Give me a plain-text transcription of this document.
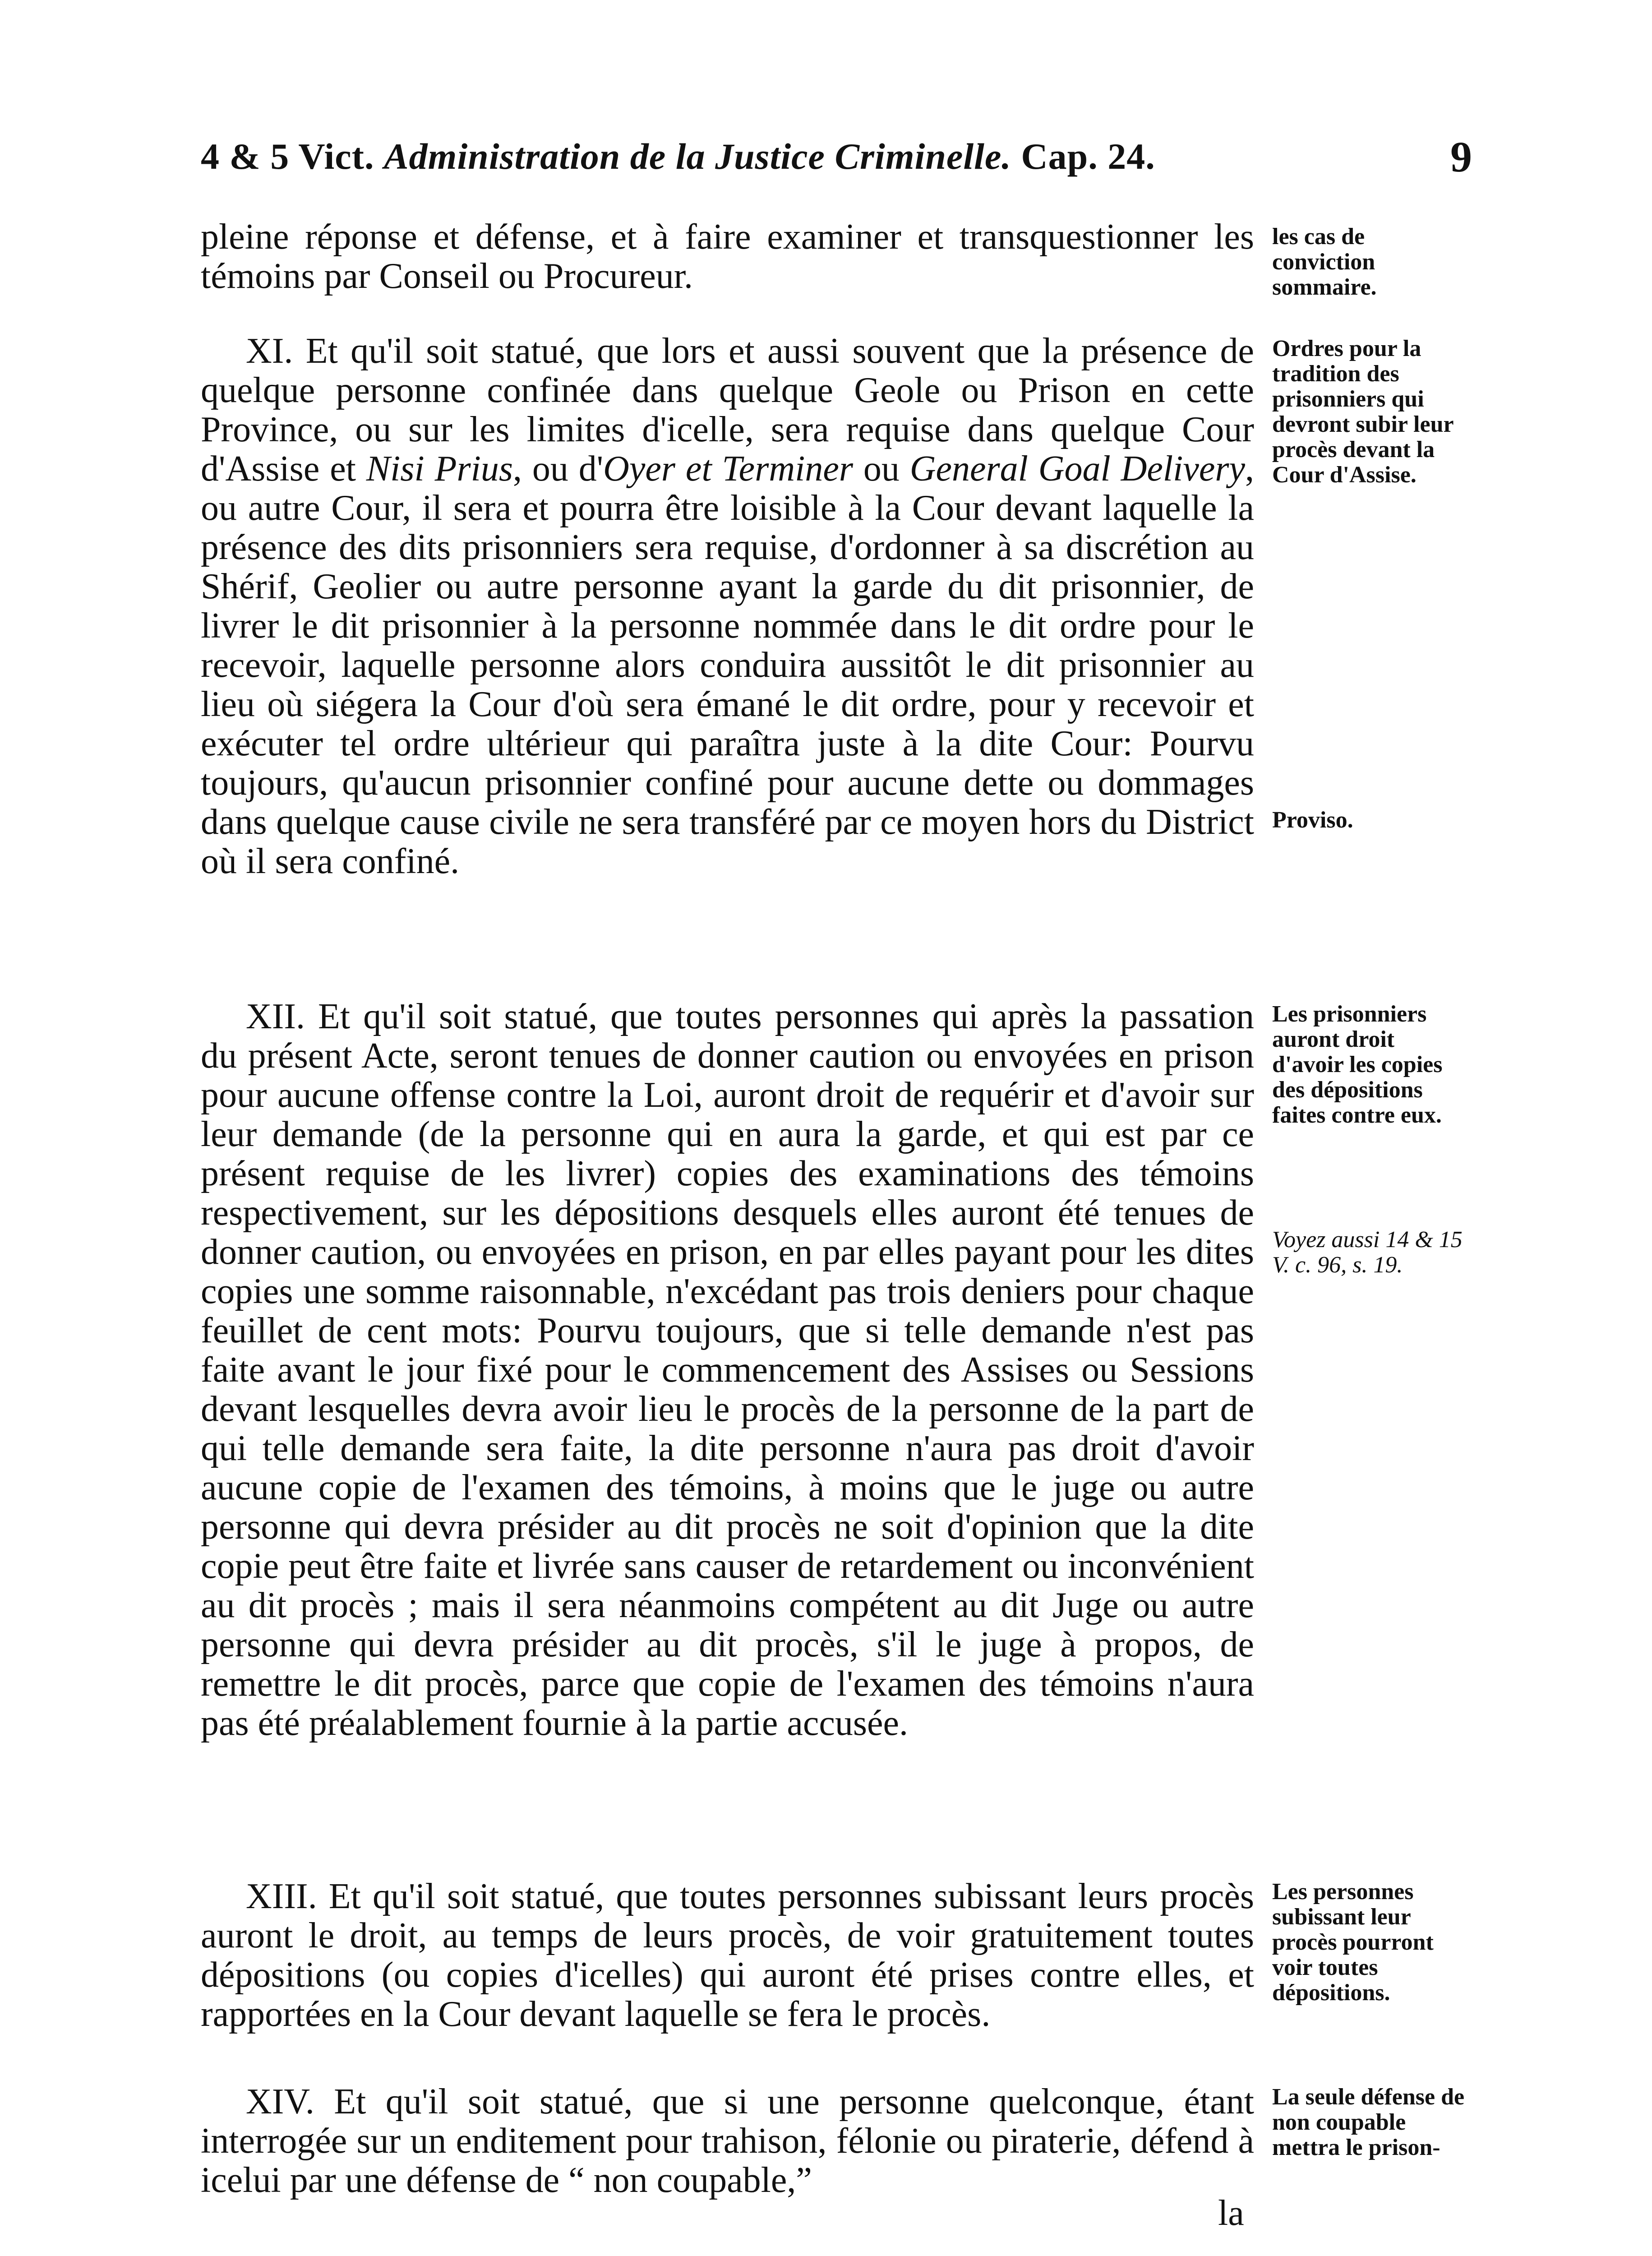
4 & 5 Vict. Administration de la Justice Criminelle. Cap. 24.	9

pleine réponse et défense, et à faire examiner et transquestionner les témoins par Conseil ou Procureur.

XI. Et qu'il soit statué, que lors et aussi souvent que la présence de quelque personne confinée dans quelque Geole ou Prison en cette Province, ou sur les limites d'icelle, sera requise dans quelque Cour d'Assise et Nisi Prius, ou d'Oyer et Terminer ou General Goal Delivery, ou autre Cour, il sera et pourra être loisible à la Cour devant laquelle la présence des dits prisonniers sera requise, d'ordonner à sa discrétion au Shérif, Geolier ou autre personne ayant la garde du dit prisonnier, de livrer le dit prisonnier à la personne nommée dans le dit ordre pour le recevoir, laquelle personne alors conduira aussitôt le dit prisonnier au lieu où siégera la Cour d'où sera émané le dit ordre, pour y recevoir et exécuter tel ordre ultérieur qui paraîtra juste à la dite Cour: Pourvu toujours, qu'aucun prisonnier confiné pour aucune dette ou dommages dans quelque cause civile ne sera transféré par ce moyen hors du District où il sera confiné.

XII. Et qu'il soit statué, que toutes personnes qui après la passation du présent Acte, seront tenues de donner caution ou envoyées en prison pour aucune offense contre la Loi, auront droit de requérir et d'avoir sur leur demande (de la personne qui en aura la garde, et qui est par ce présent requise de les livrer) copies des examinations des témoins respectivement, sur les dépositions desquels elles auront été tenues de donner caution, ou envoyées en prison, en par elles payant pour les dites copies une somme raisonnable, n'excédant pas trois deniers pour chaque feuillet de cent mots: Pourvu toujours, que si telle demande n'est pas faite avant le jour fixé pour le commencement des Assises ou Sessions devant lesquelles devra avoir lieu le procès de la personne de la part de qui telle demande sera faite, la dite personne n'aura pas droit d'avoir aucune copie de l'examen des témoins, à moins que le juge ou autre personne qui devra présider au dit procès ne soit d'opinion que la dite copie peut être faite et livrée sans causer de retardement ou inconvénient au dit procès ; mais il sera néanmoins compétent au dit Juge ou autre personne qui devra présider au dit procès, s'il le juge à propos, de remettre le dit procès, parce que copie de l'examen des témoins n'aura pas été préalablement fournie à la partie accusée.

XIII. Et qu'il soit statué, que toutes personnes subissant leurs procès auront le droit, au temps de leurs procès, de voir gratuitement toutes dépositions (ou copies d'icelles) qui auront été prises contre elles, et rapportées en la Cour devant laquelle se fera le procès.

XIV. Et qu'il soit statué, que si une personne quelconque, étant interrogée sur un enditement pour trahison, félonie ou piraterie, défend à icelui par une défense de “ non coupable,”

la
les cas de conviction sommaire.
Ordres pour la tradition des prisonniers qui devront subir leur procès devant la Cour d'Assise.
Proviso.
Les prisonniers auront droit d'avoir les copies des dépositions faites contre eux.
Voyez aussi 14 & 15 V. c. 96, s. 19.
Les personnes subissant leur procès pourront voir toutes dépositions.
La seule défense de non coupable mettra le prison-
